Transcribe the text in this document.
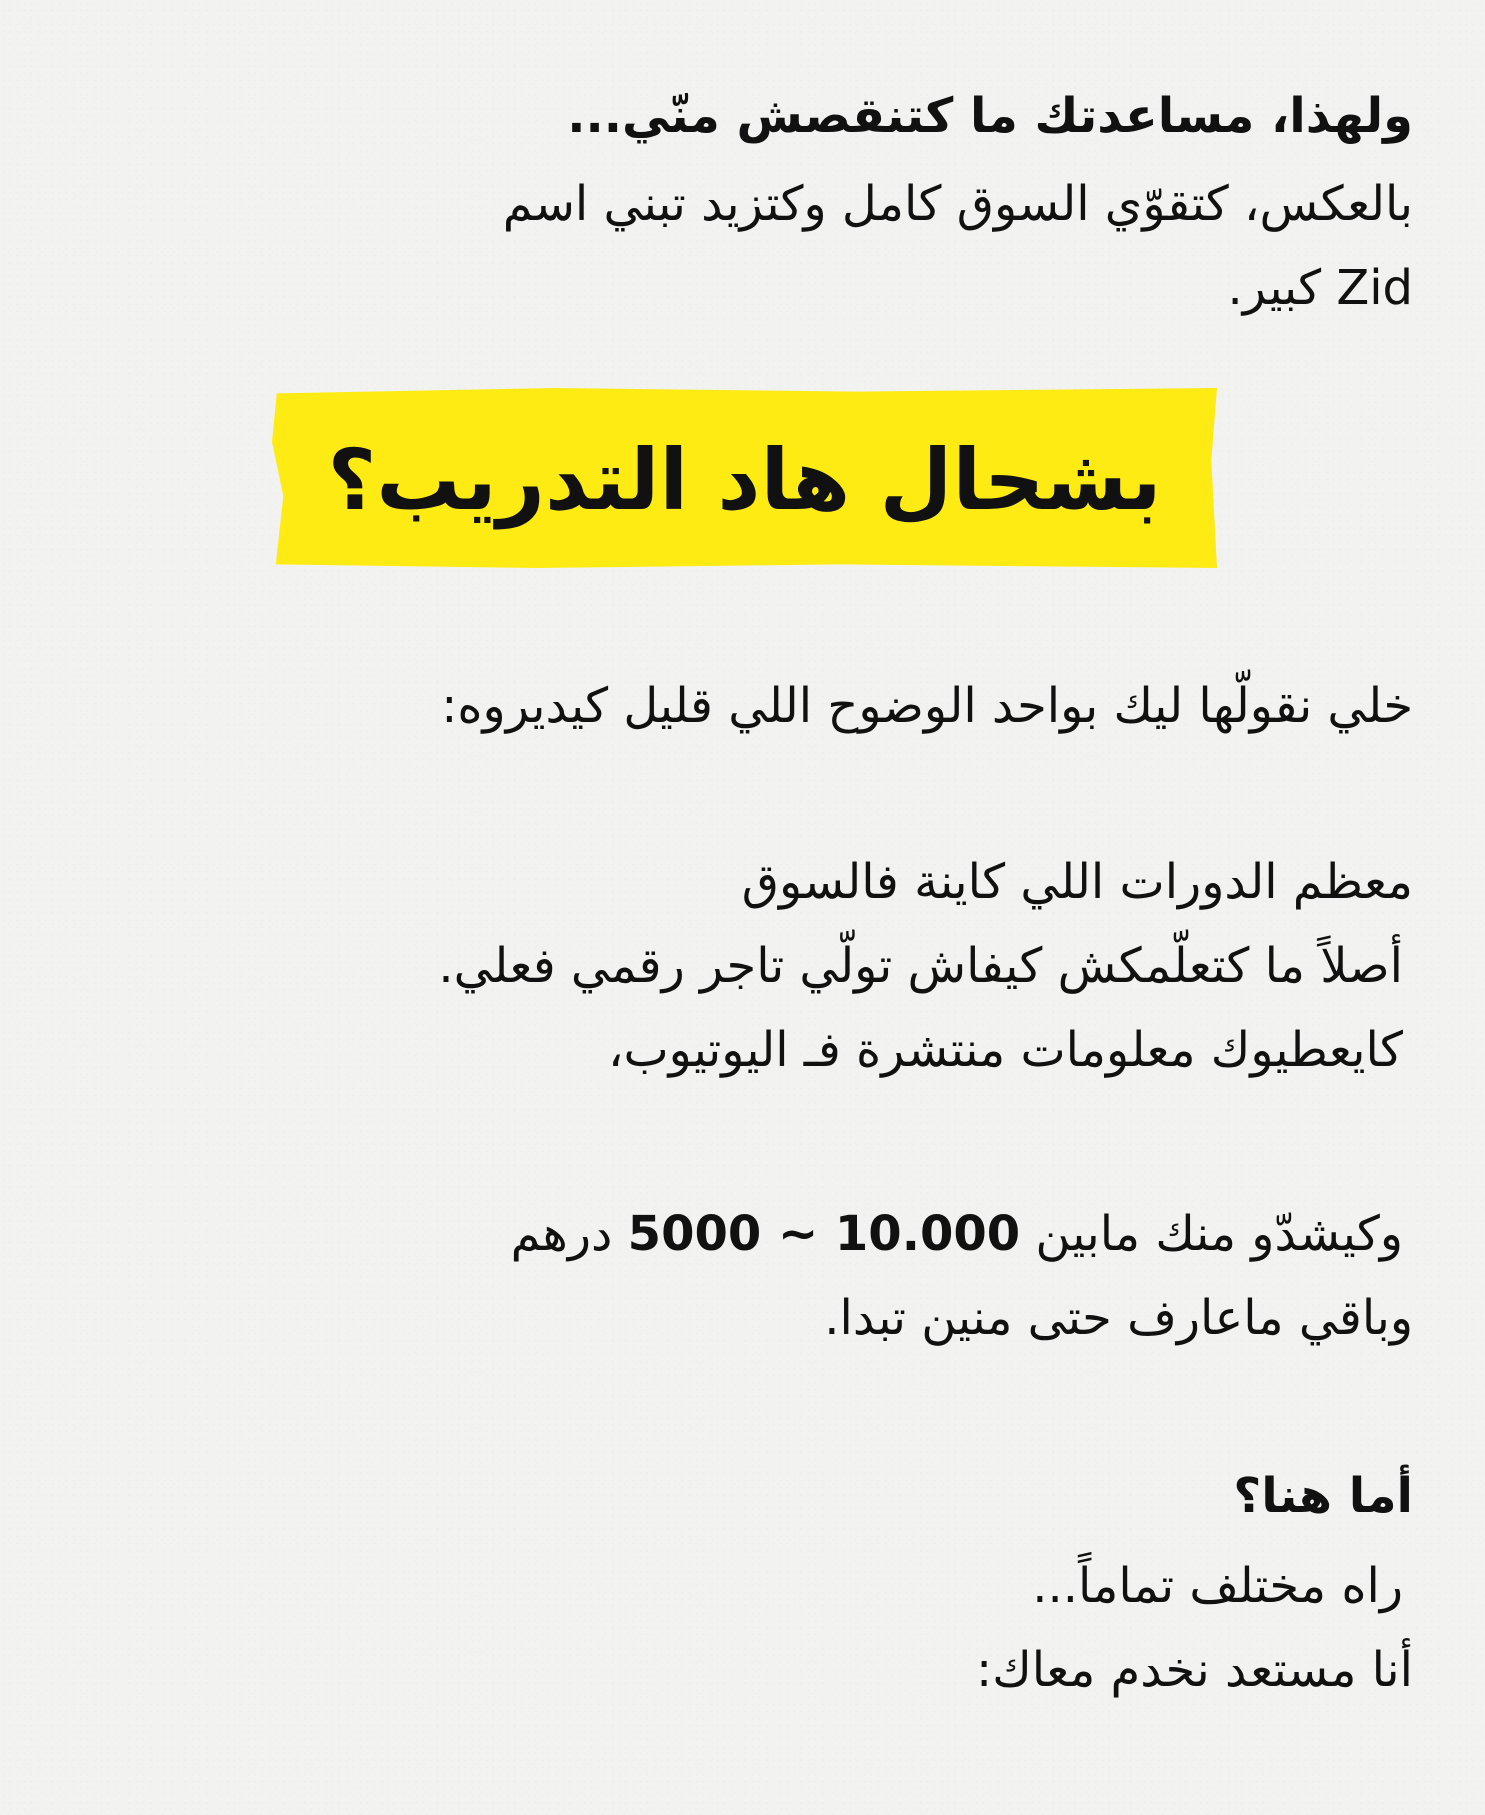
ولهذا، مساعدتك ما كتنقصش منّي...
بالعكس، كتقوّي السوق كامل وكتزيد تبني اسم
Zid كبير.
بشحال هاد التدريب؟
خلي نقولّها ليك بواحد الوضوح اللي قليل كيديروه:
معظم الدورات اللي كاينة فالسوق
أصلاً ما كتعلّمكش كيفاش تولّي تاجر رقمي فعلي.
كايعطيوك معلومات منتشرة فـ اليوتيوب،
وكيشدّو منك مابين 5000 ~ 10.000 درهم
وباقي ماعارف حتى منين تبدا.
أما هنا؟
راه مختلف تماماً...
أنا مستعد نخدم معاك:
